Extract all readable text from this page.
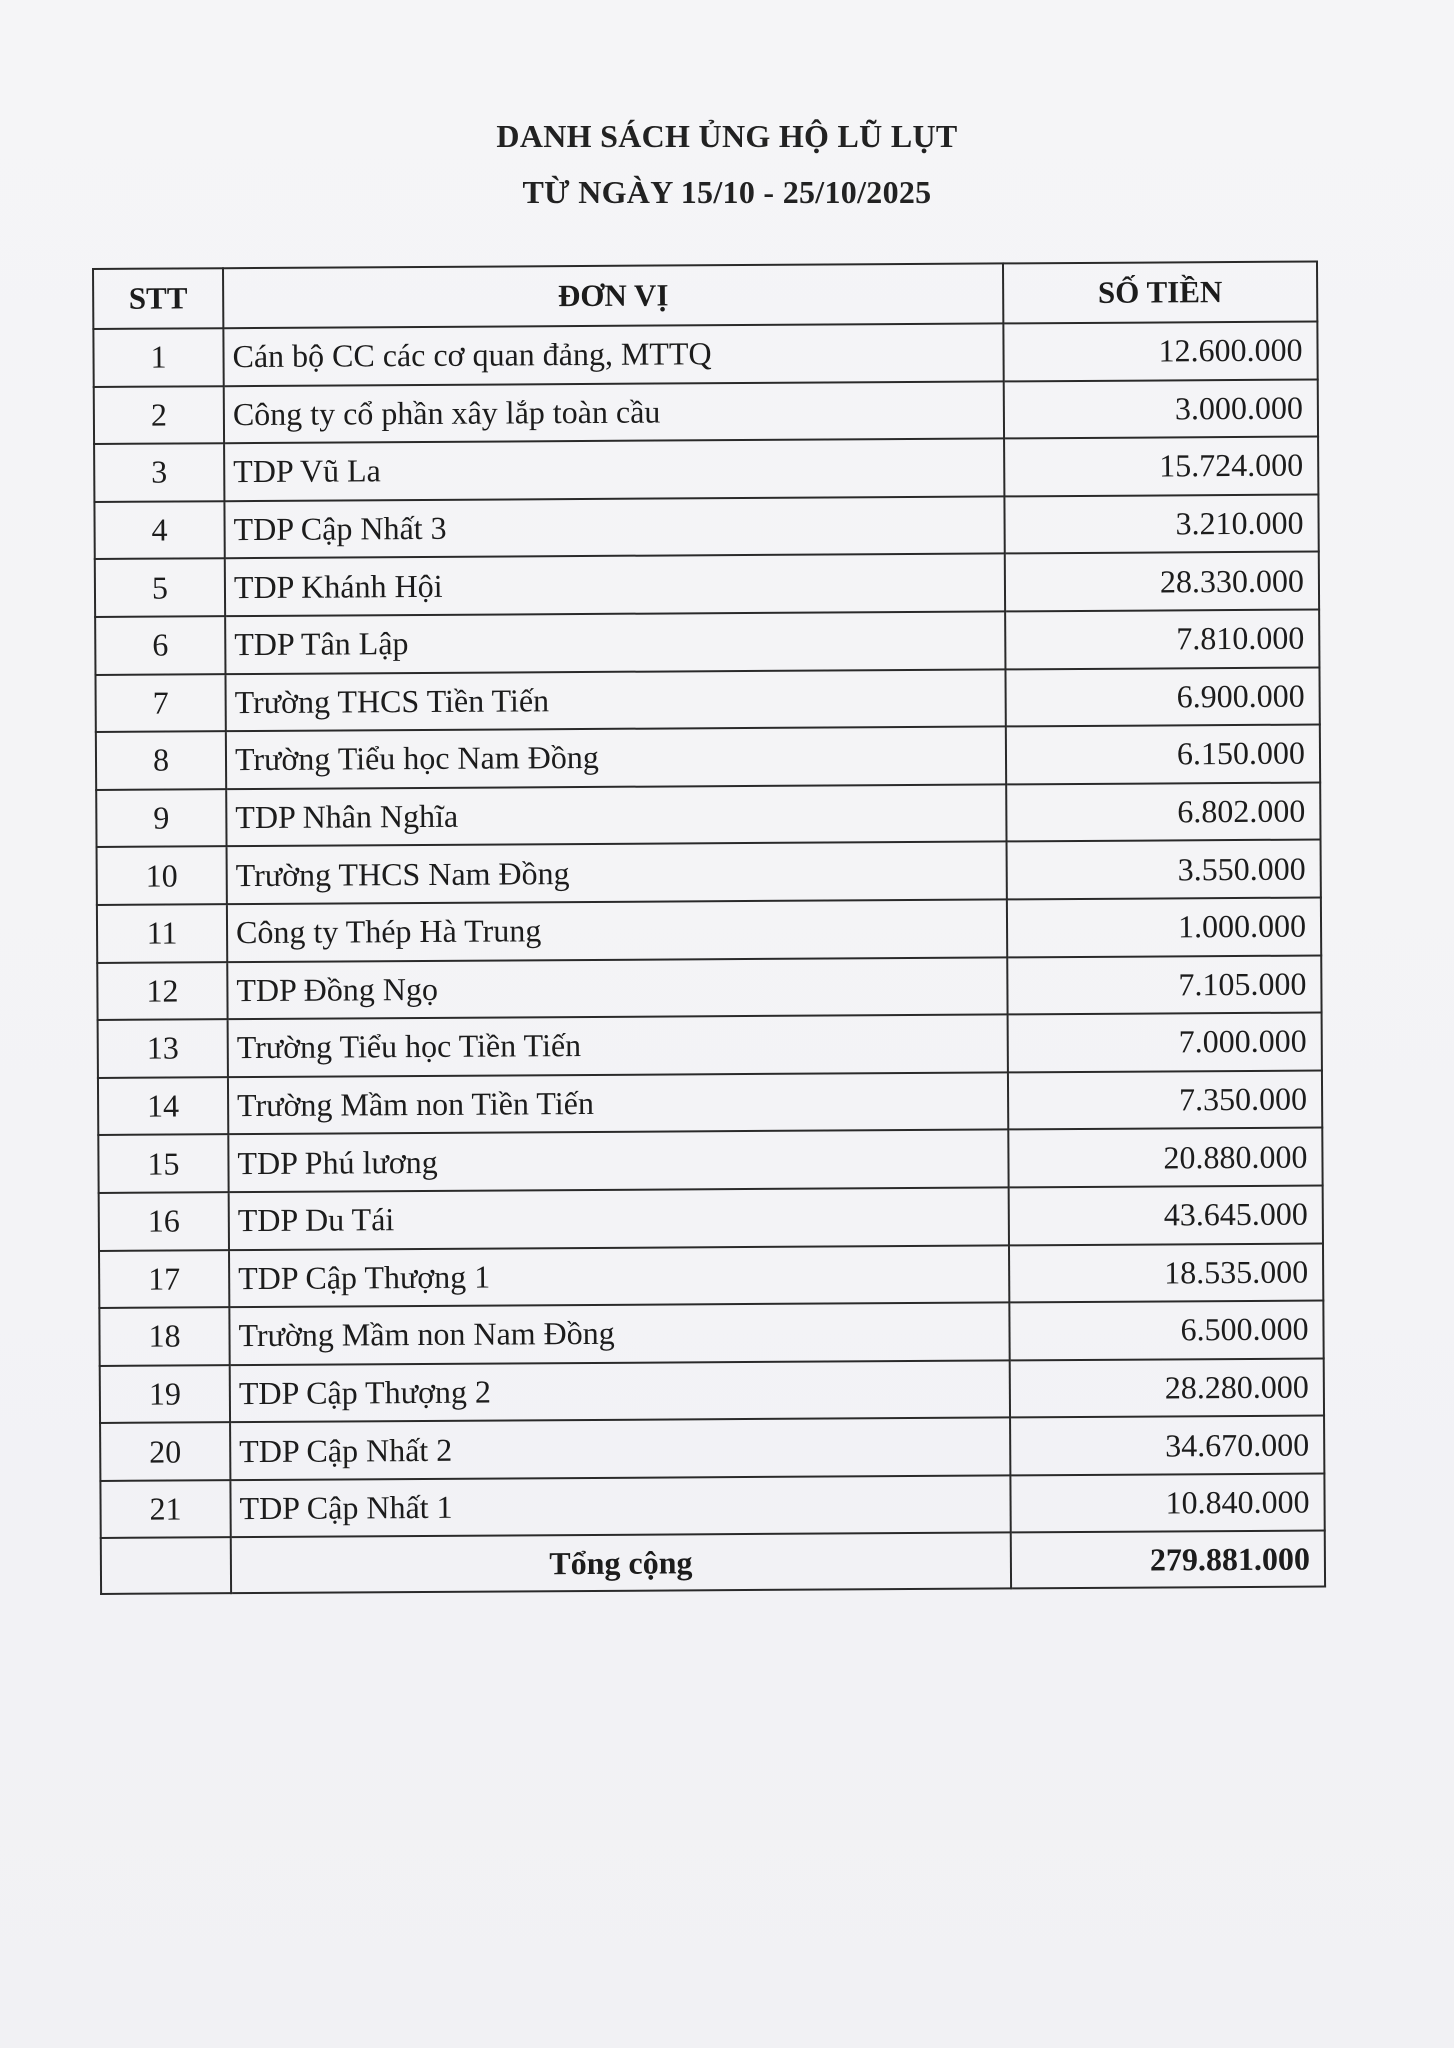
DANH SÁCH ỦNG HỘ LŨ LỤT
TỪ NGÀY 15/10 - 25/10/2025
STT	ĐƠN VỊ	SỐ TIỀN
1	Cán bộ CC các cơ quan đảng, MTTQ	12.600.000
2	Công ty cổ phần xây lắp toàn cầu	3.000.000
3	TDP Vũ La	15.724.000
4	TDP Cập Nhất 3	3.210.000
5	TDP Khánh Hội	28.330.000
6	TDP Tân Lập	7.810.000
7	Trường THCS Tiền Tiến	6.900.000
8	Trường Tiểu học Nam Đồng	6.150.000
9	TDP Nhân Nghĩa	6.802.000
10	Trường THCS Nam Đồng	3.550.000
11	Công ty Thép Hà Trung	1.000.000
12	TDP Đồng Ngọ	7.105.000
13	Trường Tiểu học Tiền Tiến	7.000.000
14	Trường Mầm non Tiền Tiến	7.350.000
15	TDP Phú lương	20.880.000
16	TDP Du Tái	43.645.000
17	TDP Cập Thượng 1	18.535.000
18	Trường Mầm non Nam Đồng	6.500.000
19	TDP Cập Thượng 2	28.280.000
20	TDP Cập Nhất 2	34.670.000
21	TDP Cập Nhất 1	10.840.000
	Tổng cộng	279.881.000
